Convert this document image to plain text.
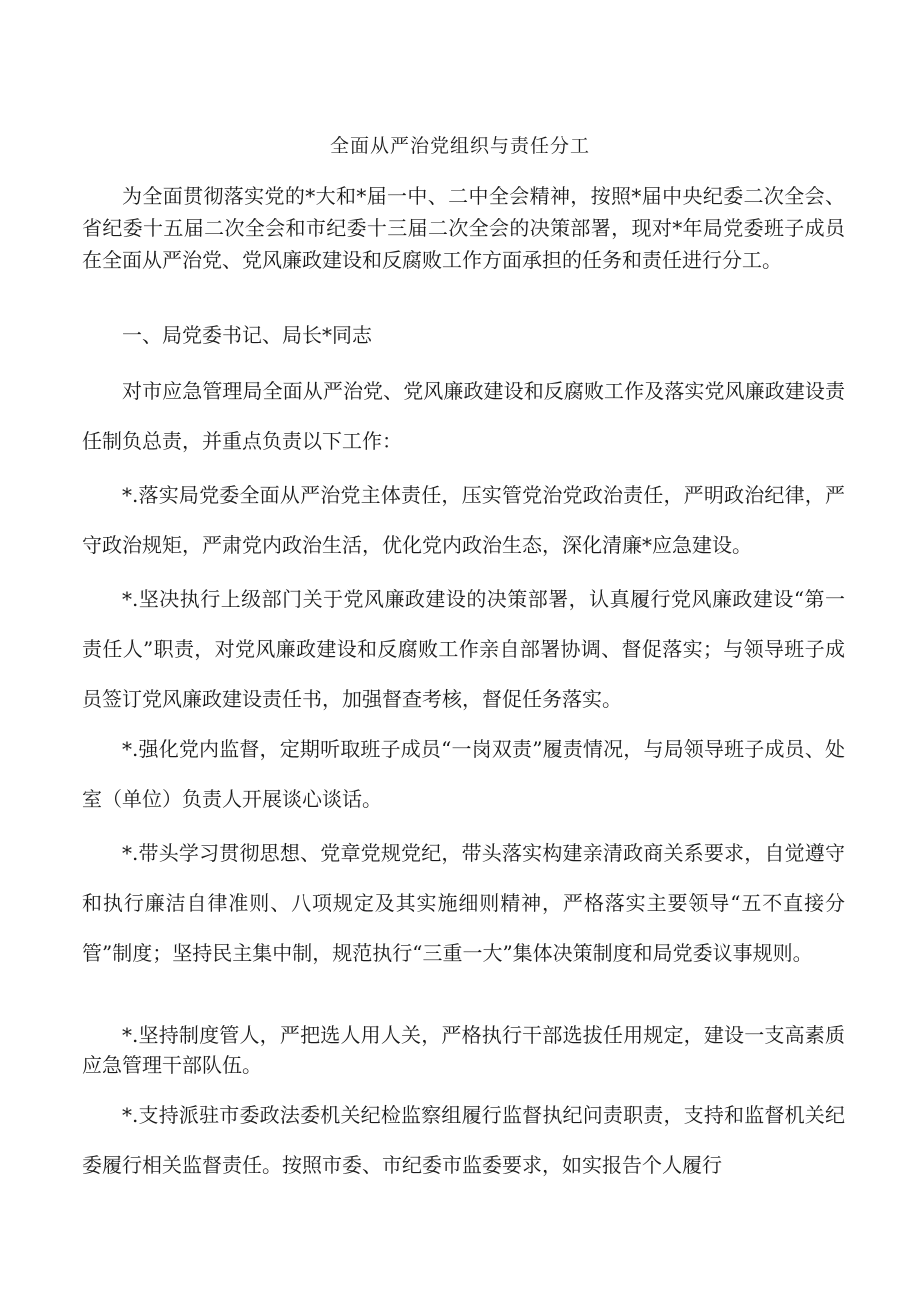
全面从严治党组织与责任分工

为全面贯彻落实党的*大和*届一中、二中全会精神，按照*届中央纪委二次全会、省纪委十五届二次全会和市纪委十三届二次全会的决策部署，现对*年局党委班子成员在全面从严治党、党风廉政建设和反腐败工作方面承担的任务和责任进行分工。

一、局党委书记、局长*同志

对市应急管理局全面从严治党、党风廉政建设和反腐败工作及落实党风廉政建设责任制负总责，并重点负责以下工作：

*.落实局党委全面从严治党主体责任，压实管党治党政治责任，严明政治纪律，严守政治规矩，严肃党内政治生活，优化党内政治生态，深化清廉*应急建设。

*.坚决执行上级部门关于党风廉政建设的决策部署，认真履行党风廉政建设“第一责任人”职责，对党风廉政建设和反腐败工作亲自部署协调、督促落实；与领导班子成员签订党风廉政建设责任书，加强督查考核，督促任务落实。

*.强化党内监督，定期听取班子成员“一岗双责”履责情况，与局领导班子成员、处室（单位）负责人开展谈心谈话。

*.带头学习贯彻思想、党章党规党纪，带头落实构建亲清政商关系要求，自觉遵守和执行廉洁自律准则、八项规定及其实施细则精神，严格落实主要领导“五不直接分管”制度；坚持民主集中制，规范执行“三重一大”集体决策制度和局党委议事规则。

*.坚持制度管人，严把选人用人关，严格执行干部选拔任用规定，建设一支高素质应急管理干部队伍。

*.支持派驻市委政法委机关纪检监察组履行监督执纪问责职责，支持和监督机关纪委履行相关监督责任。按照市委、市纪委市监委要求，如实报告个人履行
